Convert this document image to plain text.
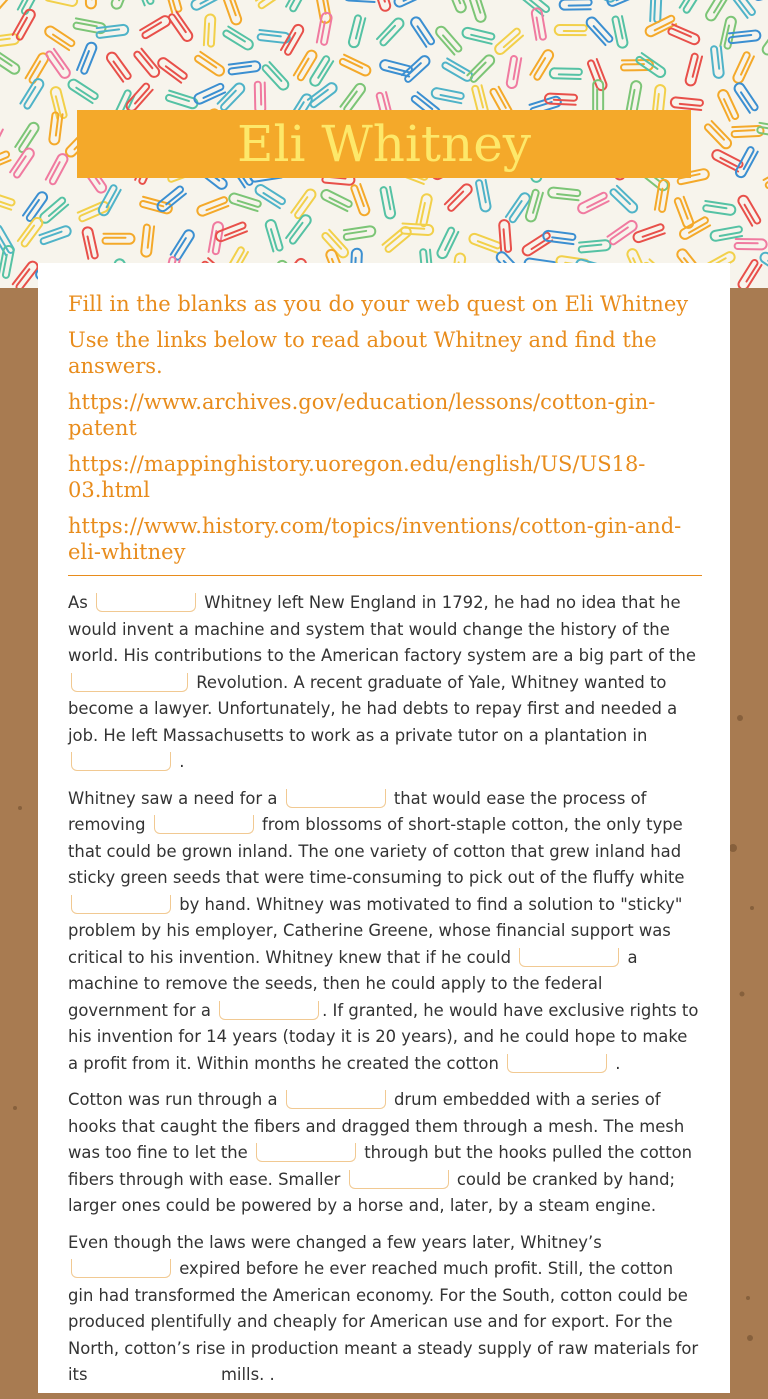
Eli Whitney

Fill in the blanks as you do your web quest on Eli Whitney

Use the links below to read about Whitney and find the answers.

https://www.archives.gov/education/lessons/cotton-gin-patent

https://mappinghistory.uoregon.edu/english/US/US18-03.html

https://www.history.com/topics/inventions/cotton-gin-and-eli-whitney

As	Whitney left New England in 1792, he had no idea that he would invent a machine and system that would change the history of the world. His contributions to the American factory system are a big part of the  Revolution. A recent graduate of Yale, Whitney wanted to become a lawyer. Unfortunately, he had debts to repay first and needed a job. He left Massachusetts to work as a private tutor on a plantation in
.

Whitney saw a need for a	that would ease the process of removing	from blossoms of short-staple cotton, the only type that could be grown inland. The one variety of cotton that grew inland had sticky green seeds that were time-consuming to pick out of the fluffy white  by hand. Whitney was motivated to find a solution to "sticky" problem by his employer, Catherine Greene, whose financial support was critical to his invention. Whitney knew that if he could	a machine to remove the seeds, then he could apply to the federal government for a	. If granted, he would have exclusive rights to his invention for 14 years (today it is 20 years), and he could hope to make a profit from it. Within months he created the cotton	.

Cotton was run through a	drum embedded with a series of hooks that caught the fibers and dragged them through a mesh. The mesh was too fine to let the	through but the hooks pulled the cotton fibers through with ease. Smaller	could be cranked by hand; larger ones could be powered by a horse and, later, by a steam engine.

Even though the laws were changed a few years later, Whitney’s
expired before he ever reached much profit. Still, the cotton gin had transformed the American economy. For the South, cotton could be produced plentifully and cheaply for American use and for export. For the North, cotton’s rise in production meant a steady supply of raw materials for its	mills. .
